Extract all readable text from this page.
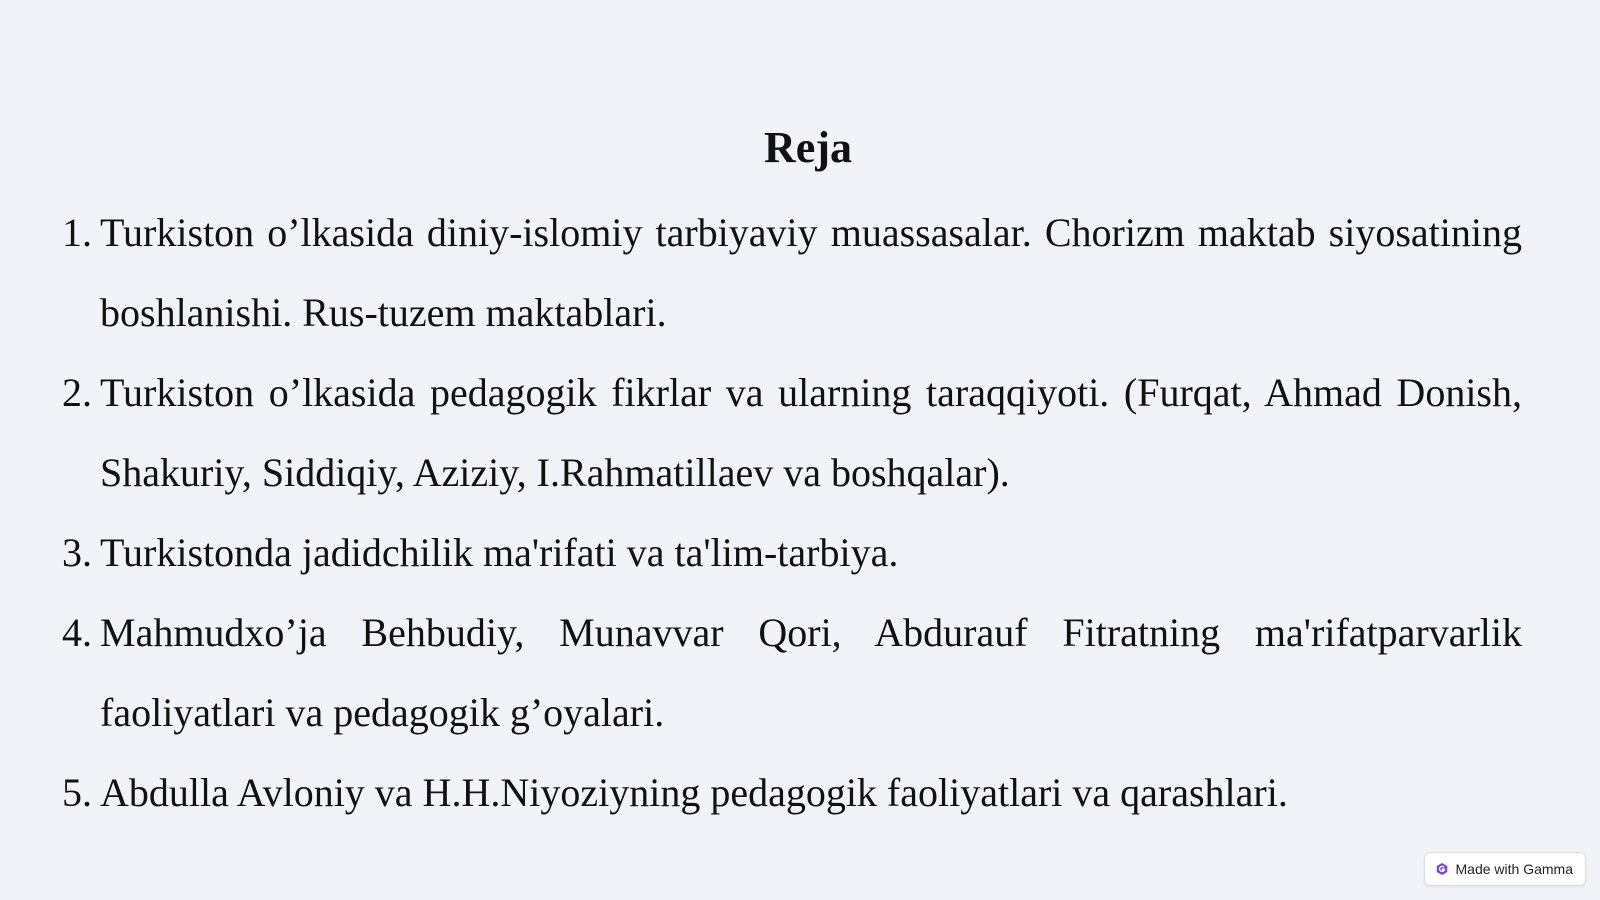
Reja
1. Turkiston o’lkasida diniy-islomiy tarbiyaviy muassasalar. Chorizm maktab siyosatining boshlanishi. Rus-tuzem maktablari.
2. Turkiston o’lkasida pedagogik fikrlar va ularning taraqqiyoti. (Furqat, Ahmad Donish, Shakuriy, Siddiqiy, Aziziy, I.Rahmatillaev va boshqalar).
3. Turkistonda jadidchilik ma'rifati va ta'lim-tarbiya.
4. Mahmudxo’ja Behbudiy, Munavvar Qori, Abdurauf Fitratning ma'rifatparvarlik faoliyatlari va pedagogik g’oyalari.
5. Abdulla Avloniy va H.H.Niyoziyning pedagogik faoliyatlari va qarashlari.
Made with Gamma
